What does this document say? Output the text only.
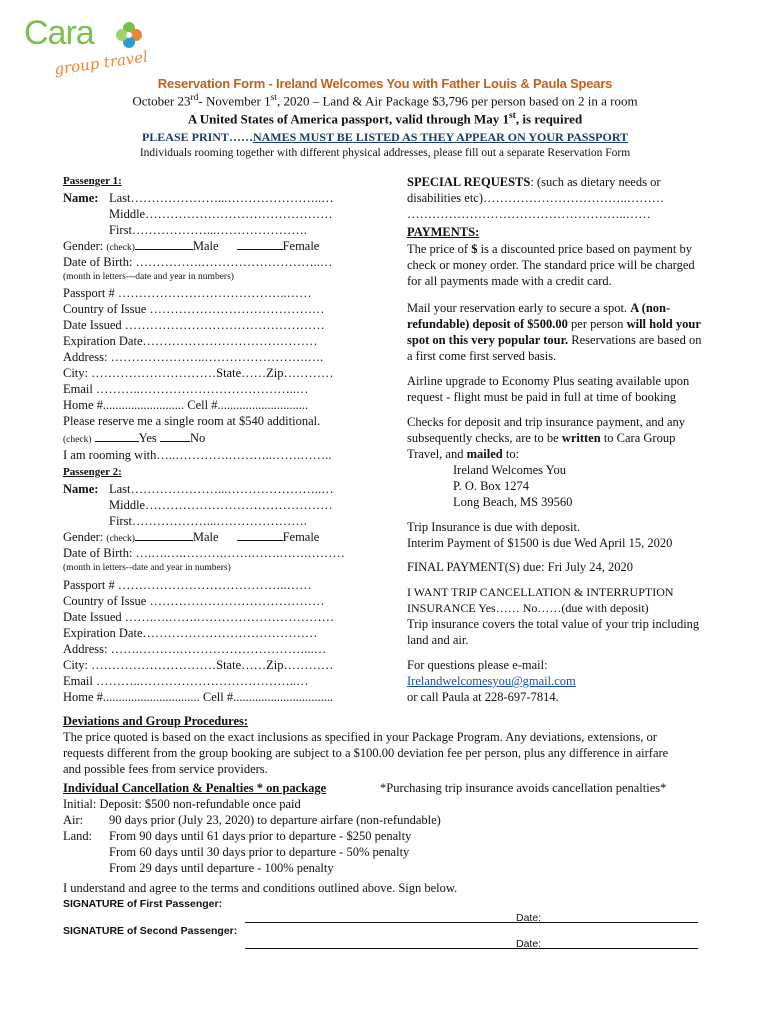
Cara
group travel
Reservation Form - Ireland Welcomes You with Father Louis & Paula Spears
October 23rd- November 1st, 2020 – Land & Air Package $3,796 per person based on 2 in a room
A United States of America passport, valid through May 1st, is required
PLEASE PRINT……NAMES MUST BE LISTED AS THEY APPEAR ON YOUR PASSPORT
Individuals rooming together with different physical addresses, please fill out a separate Reservation Form
Passenger 1:
Name: Last…………………...…………………..…
Middle………………………………………
First………………...………………….
Gender: (check)	Male	Female
Date of Birth: …………….………………………..…
(month in letters---date and year in numbers)
Passport # …………………………………..……
Country of Issue ……………………………………
Date Issued …………………………………………
Expiration Date……………………………………
Address: …………………..…………………….….
City: …………………………State……Zip…………
Email ………..………………………………..…
Home #.......................... Cell #.............................
Please reserve me a single room at $540 additional.
(check)	Yes	No
I am rooming with…..………….………..…….……..
Passenger 2:
Name: Last…………………...…………………..…
Middle………………………………………
First………………...………………….
Gender: (check)	Male	Female
Date of Birth: ….….….……….…….…….…….………
(month in letters--date and year in numbers)
Passport # …………………………………..……
Country of Issue ……………………………………
Date Issued …….….…….……………………………
Expiration Date……………………………………
Address: …….……….…………………………...…
City: …………………………State……Zip…………
Email ………..………………………………..…
Home #............................... Cell #................................
SPECIAL REQUESTS: (such as dietary needs or disabilities etc)……………………………..……… ……………………………………………..……
PAYMENTS:
The price of $ is a discounted price based on payment by check or money order. The standard price will be charged for all payments made with a credit card.
Mail your reservation early to secure a spot. A (non-refundable) deposit of $500.00 per person will hold your spot on this very popular tour. Reservations are based on a first come first served basis.
Airline upgrade to Economy Plus seating available upon request - flight must be paid in full at time of booking
Checks for deposit and trip insurance payment, and any subsequently checks, are to be written to Cara Group Travel, and mailed to:
Ireland Welcomes You
P. O. Box 1274
Long Beach, MS 39560
Trip Insurance is due with deposit.
Interim Payment of $1500 is due Wed April 15, 2020
FINAL PAYMENT(S) due: Fri July 24, 2020
I WANT TRIP CANCELLATION & INTERRUPTION INSURANCE Yes…… No……(due with deposit)
Trip insurance covers the total value of your trip including land and air.
For questions please e-mail:
Irelandwelcomesyou@gmail.com
or call Paula at 228-697-7814.
Deviations and Group Procedures:
The price quoted is based on the exact inclusions as specified in your Package Program. Any deviations, extensions, or
requests different from the group booking are subject to a $100.00 deviation fee per person, plus any difference in airfare
and possible fees from service providers.
Individual Cancellation & Penalties * on package	*Purchasing trip insurance avoids cancellation penalties*
Initial: Deposit: $500 non-refundable once paid
Air: 90 days prior (July 23, 2020) to departure airfare (non-refundable)
Land: From 90 days until 61 days prior to departure - $250 penalty
From 60 days until 30 days prior to departure - 50% penalty
From 29 days until departure - 100% penalty
I understand and agree to the terms and conditions outlined above. Sign below.
SIGNATURE of First Passenger:
Date:
SIGNATURE of Second Passenger:
Date:
